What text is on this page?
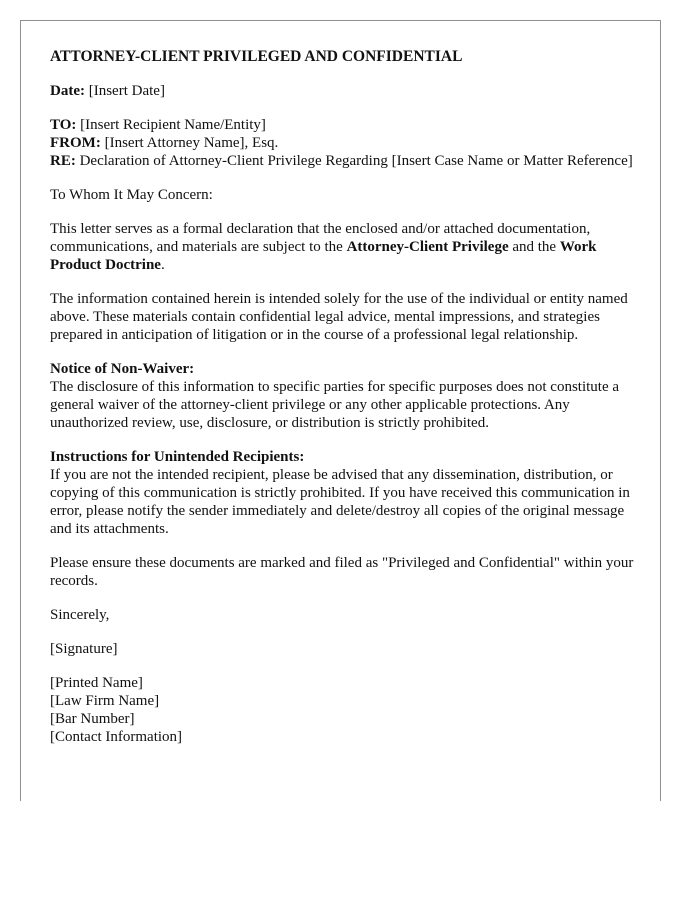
ATTORNEY-CLIENT PRIVILEGED AND CONFIDENTIAL

Date: [Insert Date]

TO: [Insert Recipient Name/Entity]
FROM: [Insert Attorney Name], Esq.
RE: Declaration of Attorney-Client Privilege Regarding [Insert Case Name or Matter Reference]

To Whom It May Concern:

This letter serves as a formal declaration that the enclosed and/or attached documentation, communications, and materials are subject to the Attorney-Client Privilege and the Work Product Doctrine.

The information contained herein is intended solely for the use of the individual or entity named above. These materials contain confidential legal advice, mental impressions, and strategies prepared in anticipation of litigation or in the course of a professional legal relationship.

Notice of Non-Waiver:
The disclosure of this information to specific parties for specific purposes does not constitute a general waiver of the attorney-client privilege or any other applicable protections. Any unauthorized review, use, disclosure, or distribution is strictly prohibited.

Instructions for Unintended Recipients:
If you are not the intended recipient, please be advised that any dissemination, distribution, or copying of this communication is strictly prohibited. If you have received this communication in error, please notify the sender immediately and delete/destroy all copies of the original message and its attachments.

Please ensure these documents are marked and filed as "Privileged and Confidential" within your records.

Sincerely,

[Signature]

[Printed Name]
[Law Firm Name]
[Bar Number]
[Contact Information]
